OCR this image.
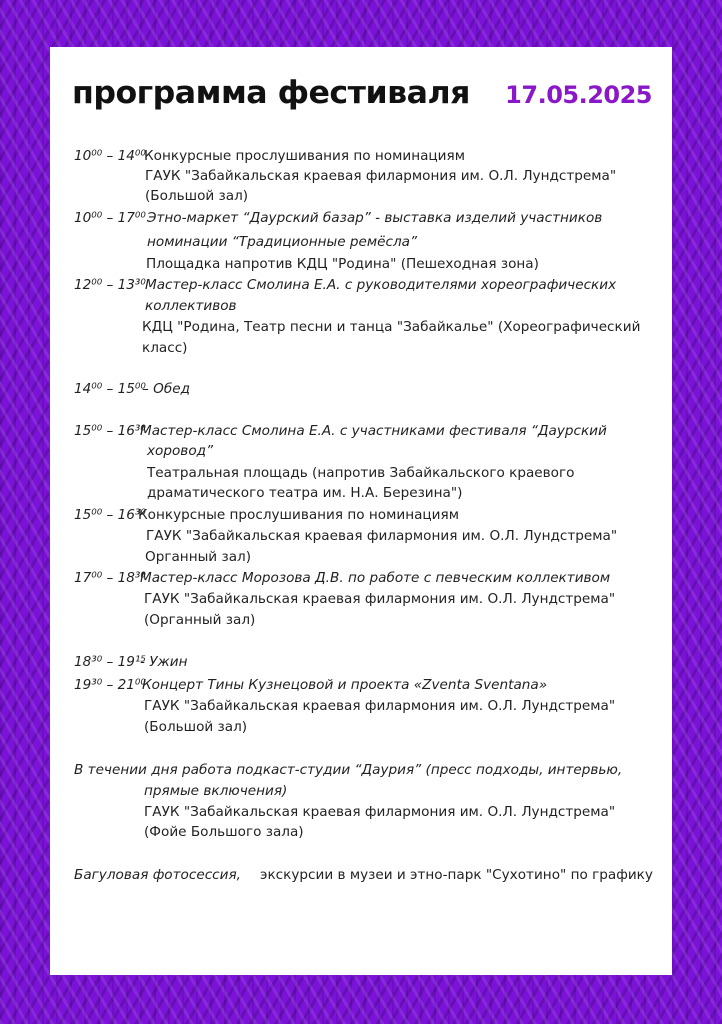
программа фестиваля 17.05.2025
10⁰⁰ – 14⁰⁰
Конкурсные прослушивания по номинациям
ГАУК "Забайкальская краевая филармония им. О.Л. Лундстрема"
(Большой зал)
10⁰⁰ – 17⁰⁰ Этно-маркет “Даурский базар” - выставка изделий участников
номинации “Традиционные ремёсла”
Площадка напротив КДЦ "Родина" (Пешеходная зона)
12⁰⁰ – 13³⁰ Мастер-класс Смолина Е.А. с руководителями хореографических
коллективов
КДЦ "Родина, Театр песни и танца "Забайкалье" (Хореографический
класс)
14⁰⁰ – 15⁰⁰
– Обед
15⁰⁰ – 16³⁰
Мастер-класс Смолина Е.А. с участниками фестиваля “Даурский
хоровод”
Театральная площадь (напротив Забайкальского краевого
драматического театра им. Н.А. Березина")
15⁰⁰ – 16³⁰
Конкурсные прослушивания по номинациям
ГАУК "Забайкальская краевая филармония им. О.Л. Лундстрема"
Органный зал)
17⁰⁰ – 18³⁰
Мастер-класс Морозова Д.В. по работе с певческим коллективом
ГАУК "Забайкальская краевая филармония им. О.Л. Лундстрема"
(Органный зал)
18³⁰ – 19¹⁵
- Ужин
19³⁰ – 21⁰⁰
Концерт Тины Кузнецовой и проекта «Zventa Sventana»
ГАУК "Забайкальская краевая филармония им. О.Л. Лундстрема"
(Большой зал)
В течении дня работа подкаст-студии “Даурия” (пресс подходы, интервью,
прямые включения)
ГАУК "Забайкальская краевая филармония им. О.Л. Лундстрема"
(Фойе Большого зала)
Багуловая фотосессия, экскурсии в музеи и этно-парк "Сухотино" по графику
